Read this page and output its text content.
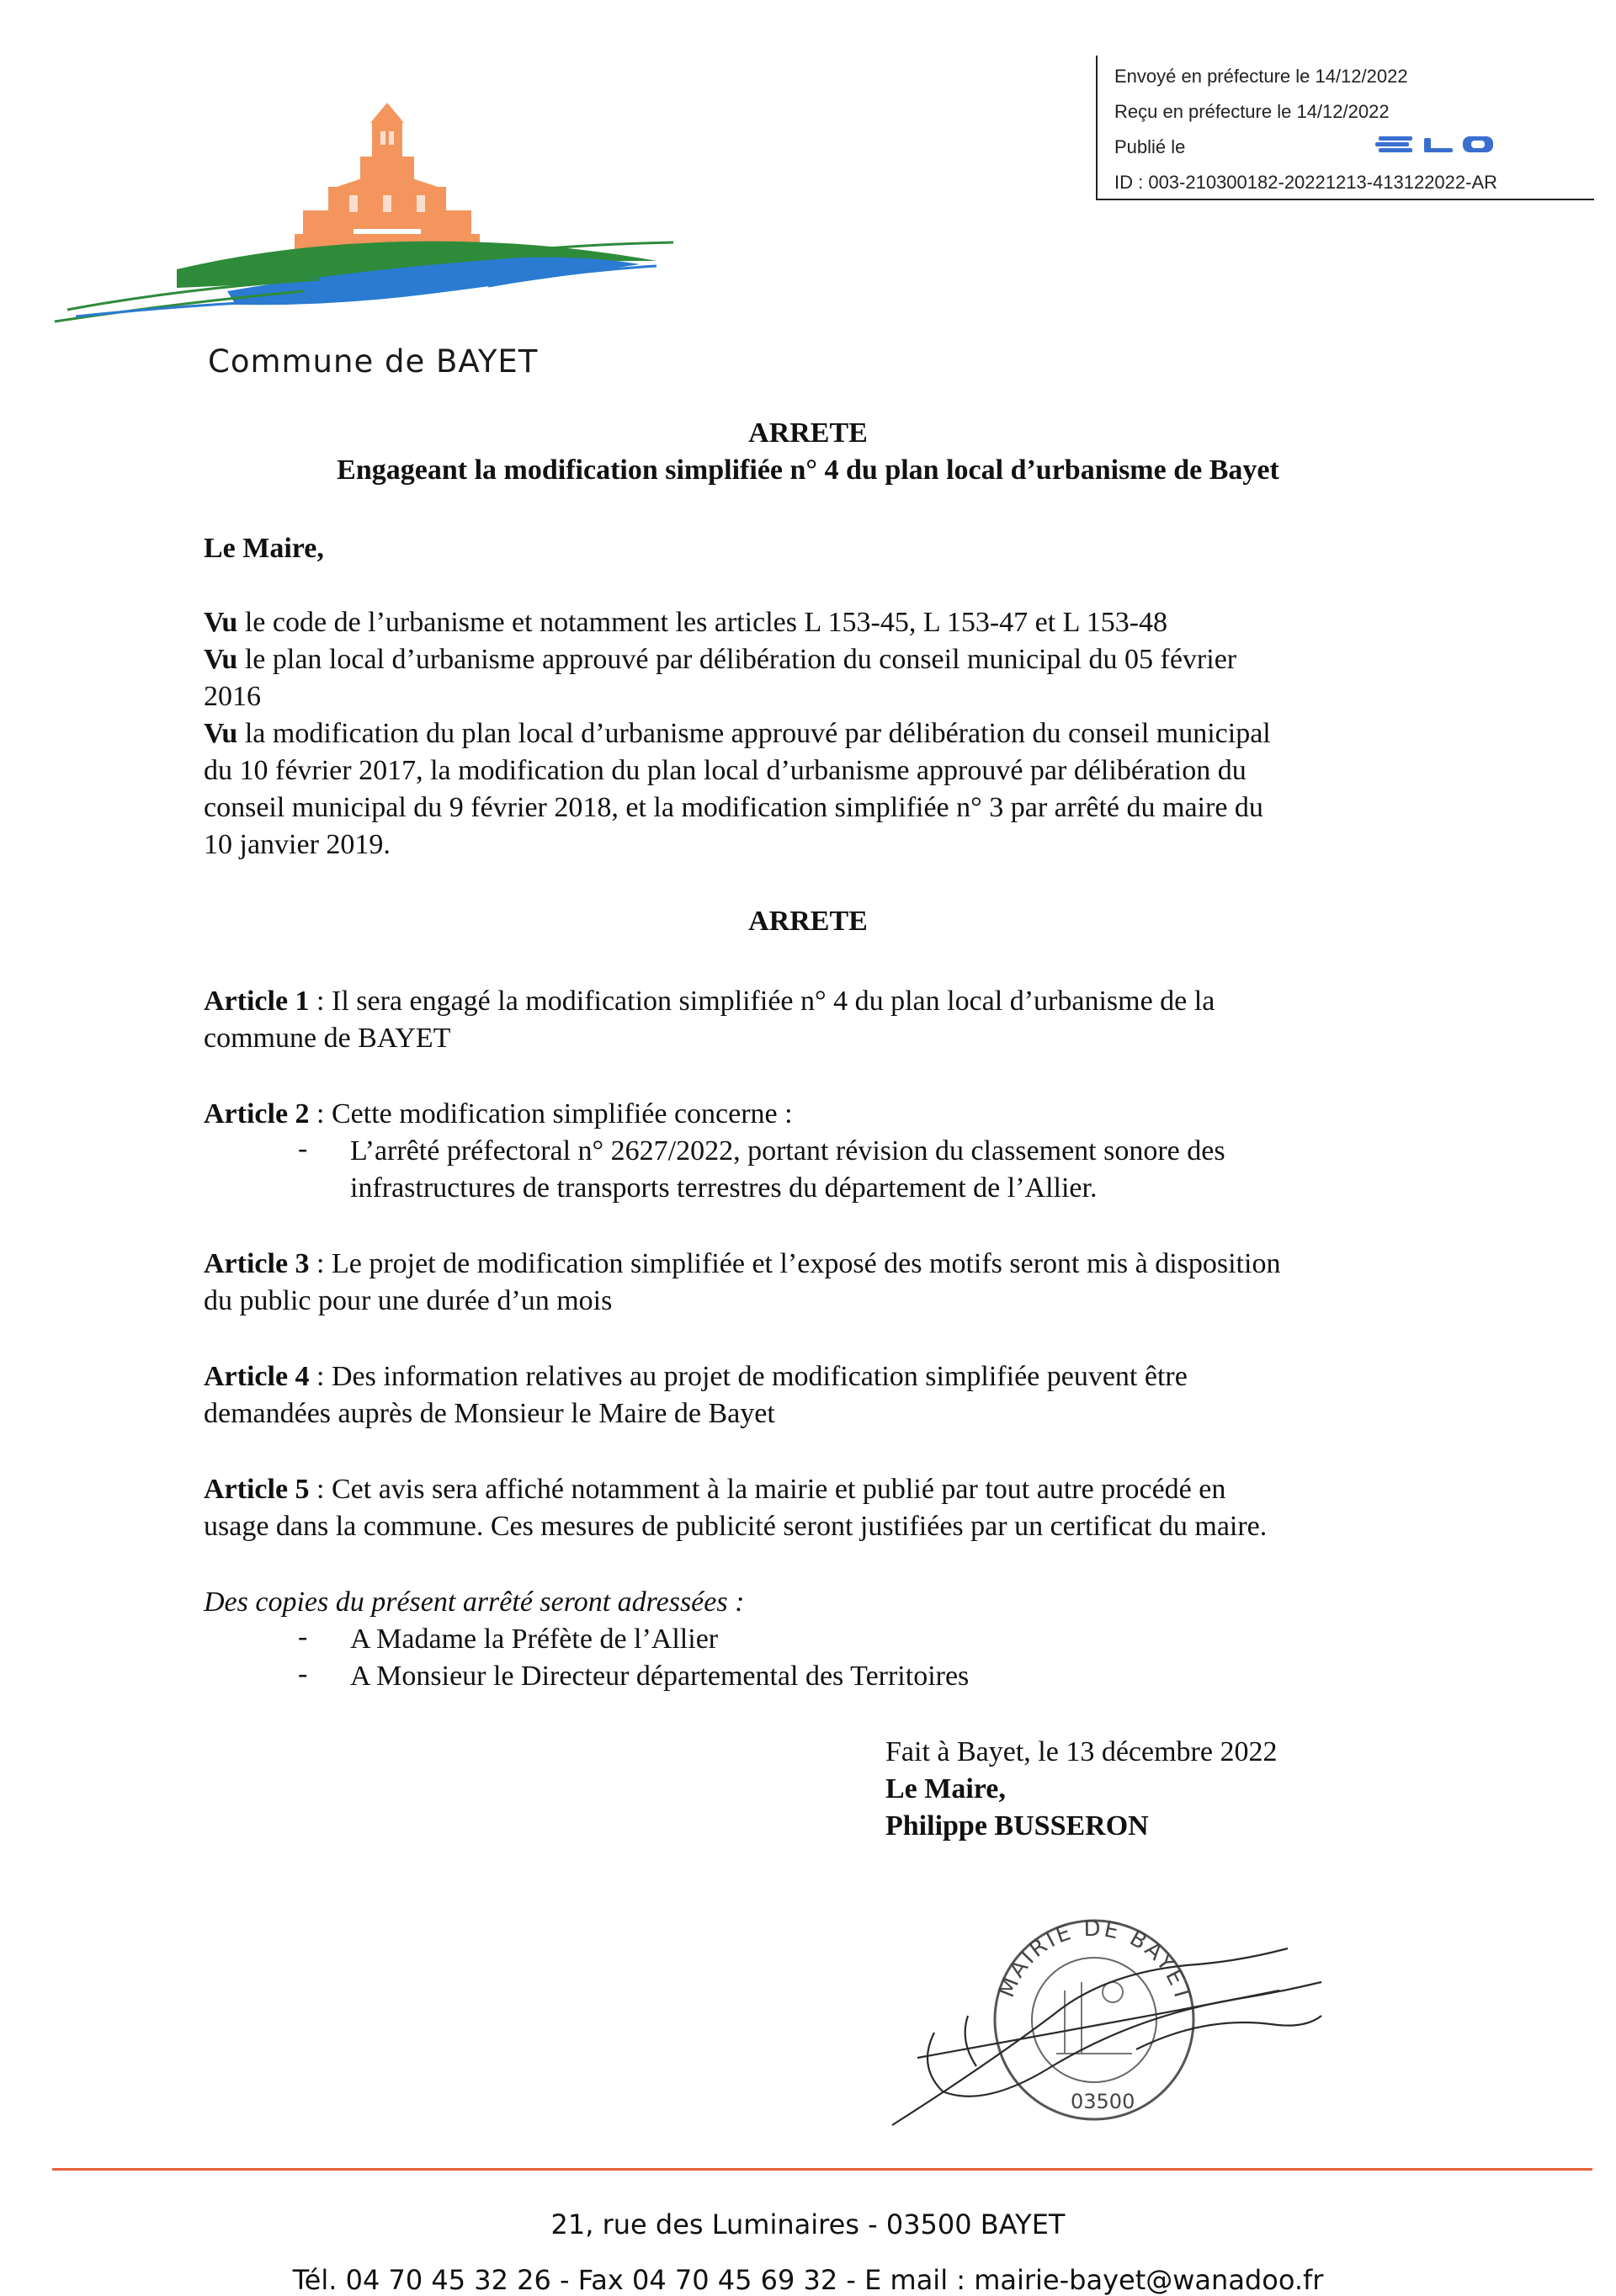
Envoyé en préfecture le 14/12/2022
Reçu en préfecture le 14/12/2022
Publié le
ID : 003-210300182-20221213-413122022-AR
Commune de BAYET
ARRETE
Engageant la modification simplifiée n° 4 du plan local d’urbanisme de Bayet
Le Maire,
Vu le code de l’urbanisme et notamment les articles L 153-45, L 153-47 et L 153-48
Vu le plan local d’urbanisme approuvé par délibération du conseil municipal du 05 février
2016
Vu la modification du plan local d’urbanisme approuvé par délibération du conseil municipal
du 10 février 2017, la modification du plan local d’urbanisme approuvé par délibération du
conseil municipal du 9 février 2018, et la modification simplifiée n° 3 par arrêté du maire du
10 janvier 2019.
ARRETE
Article 1 : Il sera engagé la modification simplifiée n° 4 du plan local d’urbanisme de la
commune de BAYET
Article 2 : Cette modification simplifiée concerne :
- L’arrêté préfectoral n° 2627/2022, portant révision du classement sonore des
infrastructures de transports terrestres du département de l’Allier.
Article 3 : Le projet de modification simplifiée et l’exposé des motifs seront mis à disposition
du public pour une durée d’un mois
Article 4 : Des information relatives au projet de modification simplifiée peuvent être
demandées auprès de Monsieur le Maire de Bayet
Article 5 : Cet avis sera affiché notamment à la mairie et publié par tout autre procédé en
usage dans la commune. Ces mesures de publicité seront justifiées par un certificat du maire.
Des copies du présent arrêté seront adressées :
- A Madame la Préfète de l’Allier
- A Monsieur le Directeur départemental des Territoires
Fait à Bayet, le 13 décembre 2022
Le Maire,
Philippe BUSSERON
MAIRIE DE BAYET
03500
21, rue des Luminaires - 03500 BAYET
Tél. 04 70 45 32 26 - Fax 04 70 45 69 32 - E mail : mairie-bayet@wanadoo.fr
